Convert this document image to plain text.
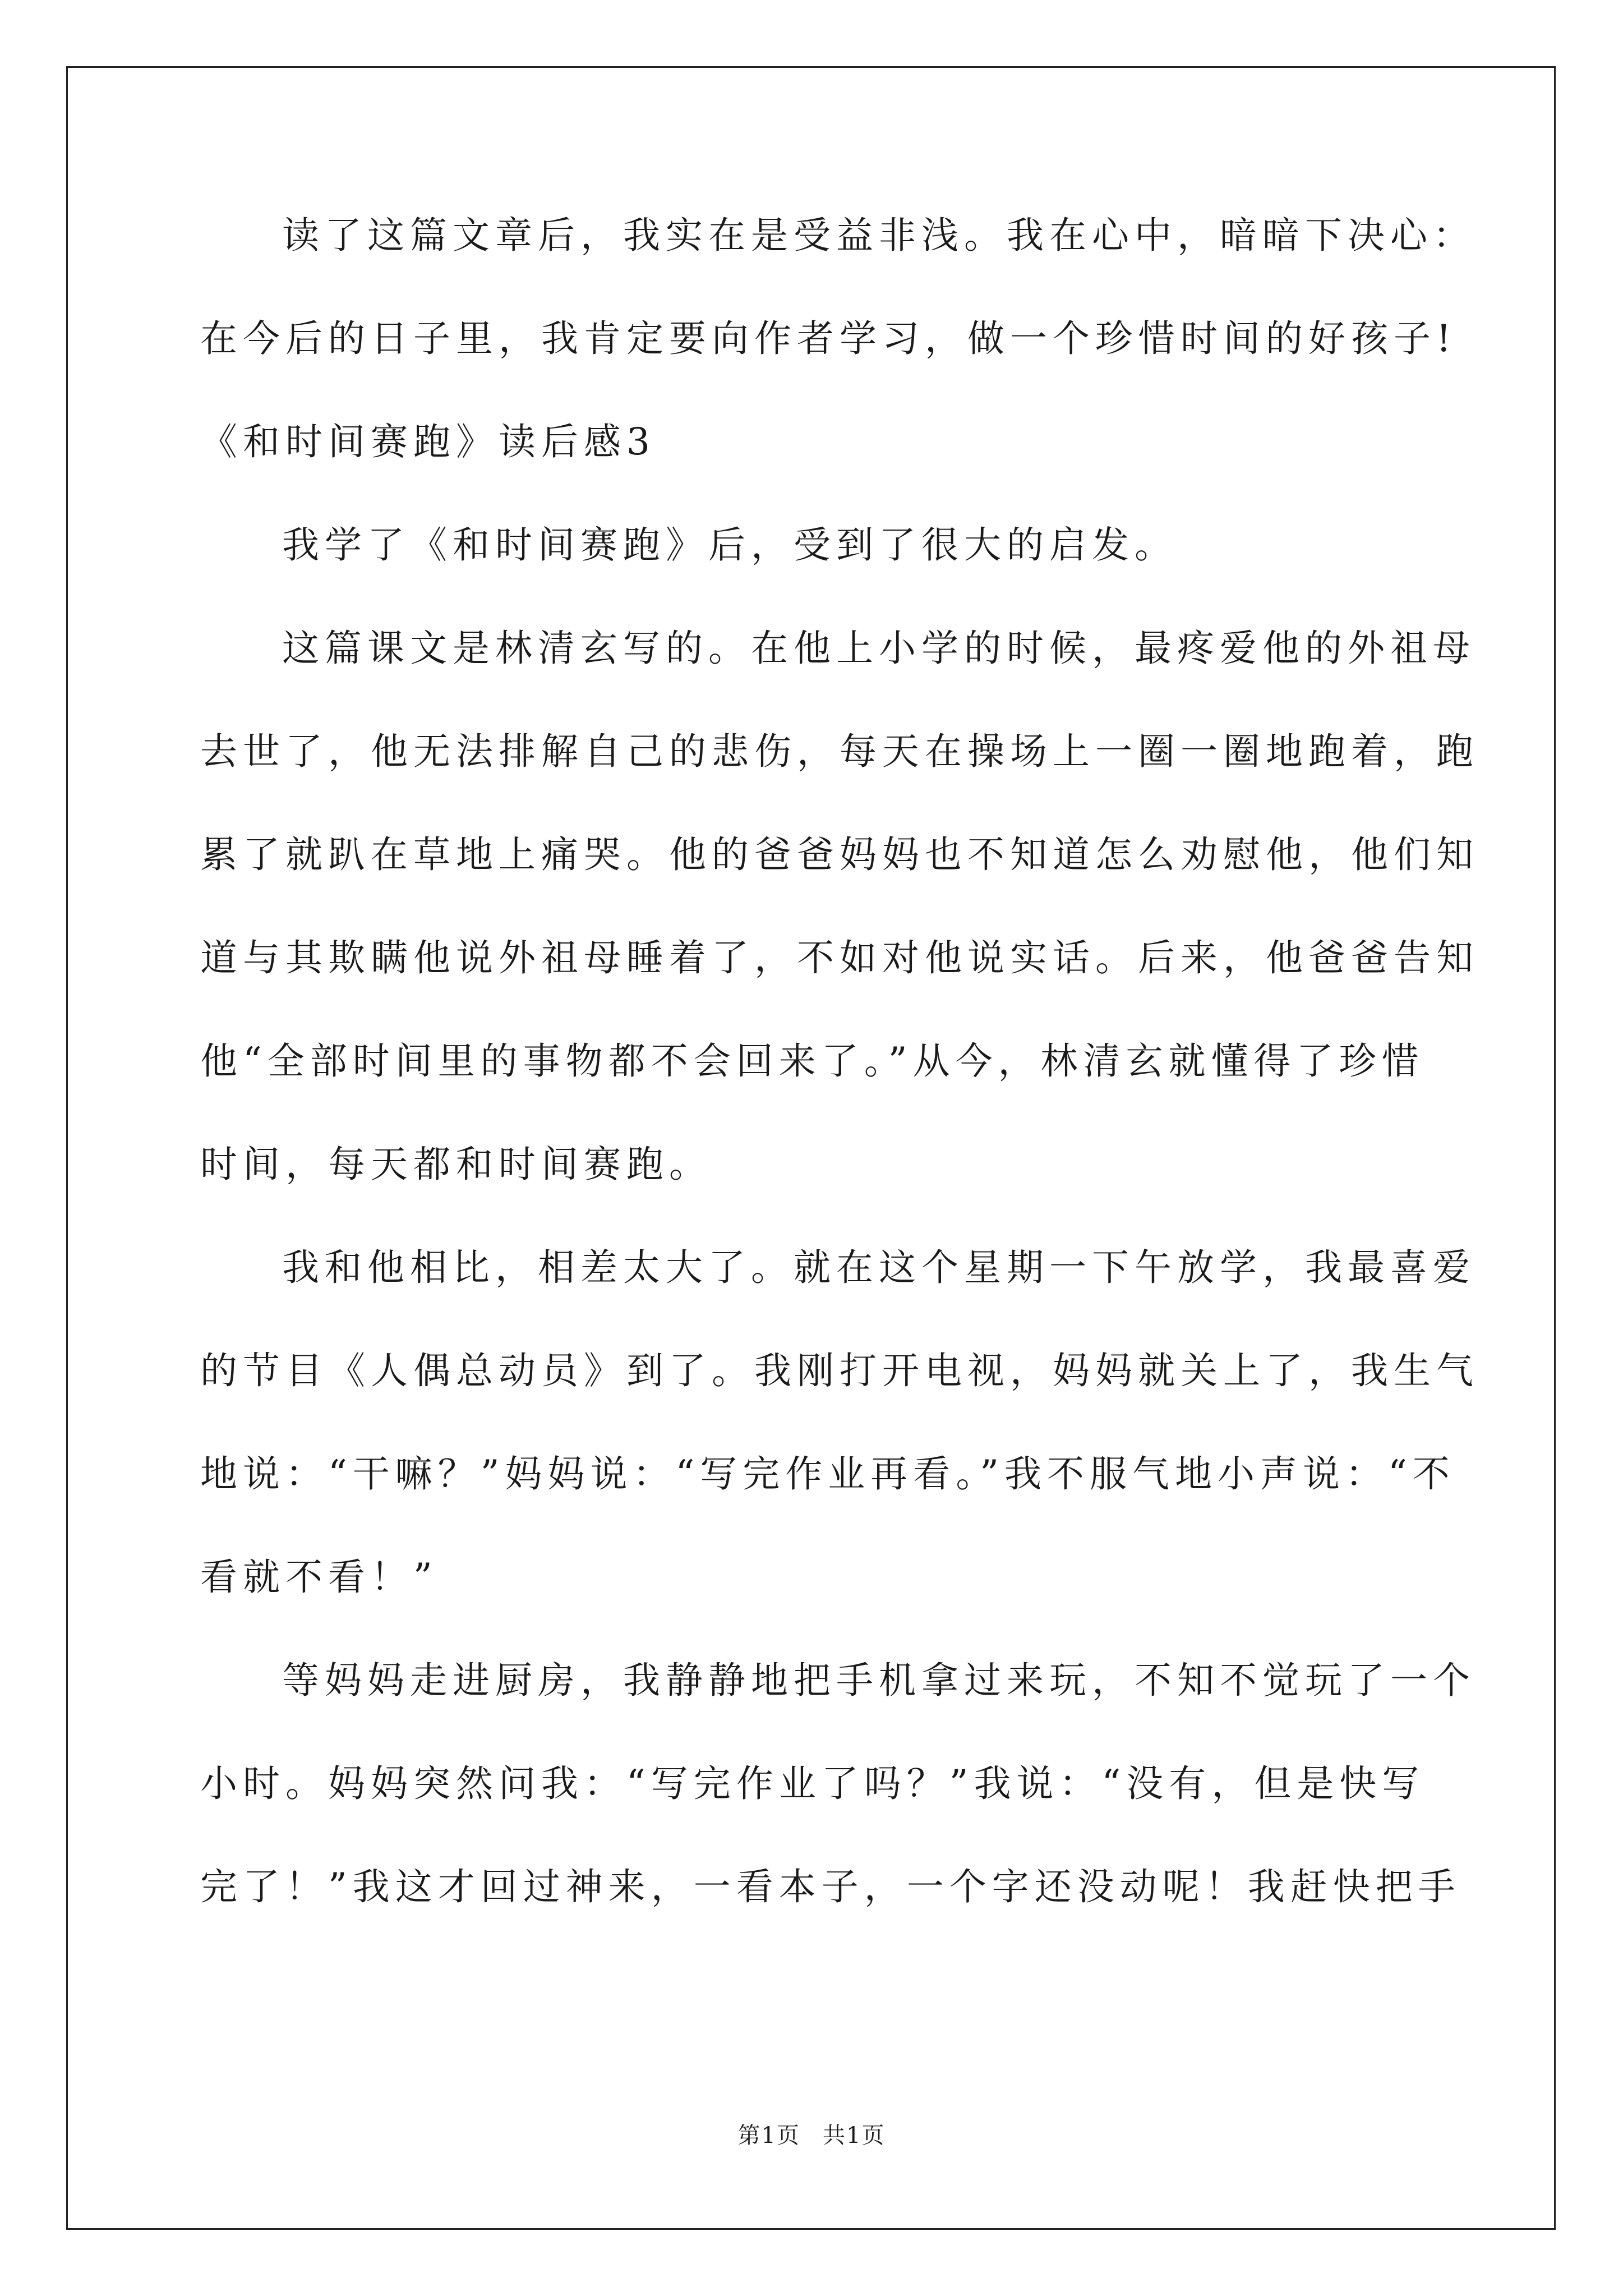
读了这篇文章后，我实在是受益非浅。我在心中，暗暗下决心：
在今后的日子里，我肯定要向作者学习，做一个珍惜时间的好孩子!
《和时间赛跑》读后感3
我学了《和时间赛跑》后，受到了很大的启发。
这篇课文是林清玄写的。在他上小学的时候，最疼爱他的外祖母
去世了，他无法排解自己的悲伤，每天在操场上一圈一圈地跑着，跑
累了就趴在草地上痛哭。他的爸爸妈妈也不知道怎么劝慰他，他们知
道与其欺瞒他说外祖母睡着了，不如对他说实话。后来，他爸爸告知
他“全部时间里的事物都不会回来了。”从今，林清玄就懂得了珍惜
时间，每天都和时间赛跑。
我和他相比，相差太大了。就在这个星期一下午放学，我最喜爱
的节目《人偶总动员》到了。我刚打开电视，妈妈就关上了，我生气
地说：“干嘛？”妈妈说：“写完作业再看。”我不服气地小声说：“不
看就不看！”
等妈妈走进厨房，我静静地把手机拿过来玩，不知不觉玩了一个
小时。妈妈突然问我：“写完作业了吗？”我说：“没有，但是快写
完了！”我这才回过神来，一看本子，一个字还没动呢！我赶快把手
第1页 共1页
